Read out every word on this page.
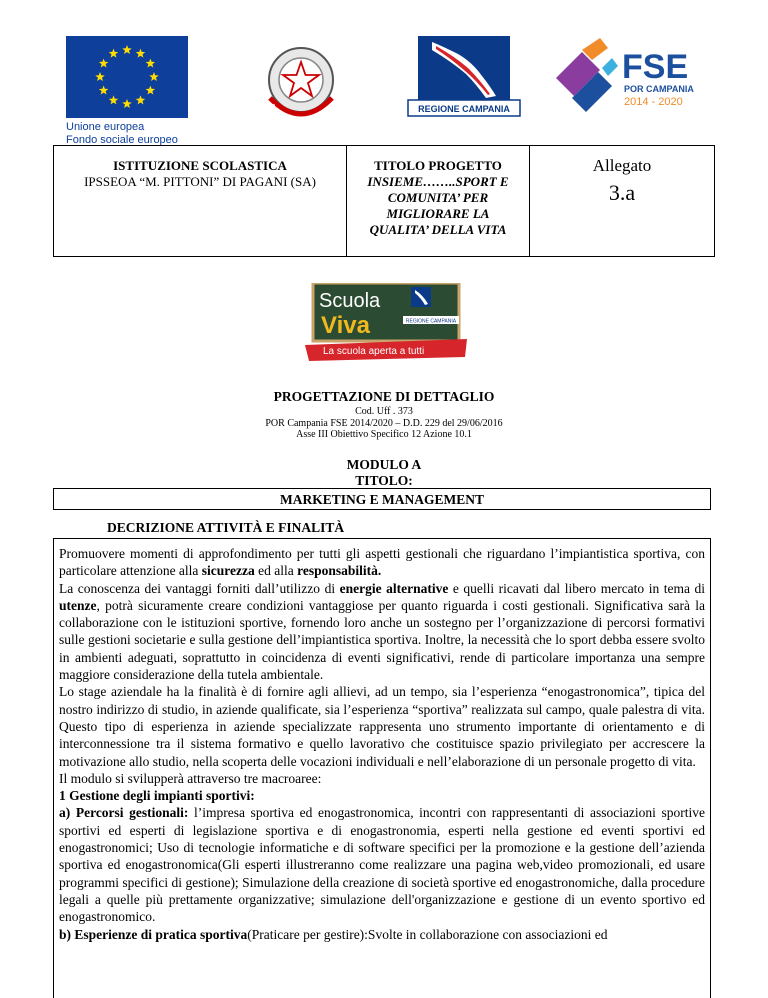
Unione europea
Fondo sociale europeo
REPVBBLICA ITALIANA
REGIONE CAMPANIA
FSE
POR CAMPANIA
2014 - 2020
ISTITUZIONE SCOLASTICA
IPSSEOA “M. PITTONI” DI PAGANI (SA)
TITOLO PROGETTO
INSIEME……..SPORT E
COMUNITA’ PER
MIGLIORARE LA
QUALITA’ DELLA VITA
Allegato
3.a
Scuola
Viva	REGIONE CAMPANIA
La scuola aperta a tutti
PROGETTAZIONE DI DETTAGLIO
Cod. Uff . 373
POR Campania FSE 2014/2020 – D.D. 229 del 29/06/2016
Asse III Obiettivo Specifico 12 Azione 10.1
MODULO A
TITOLO:
MARKETING E MANAGEMENT
DECRIZIONE ATTIVITÀ E FINALITÀ

Promuovere momenti di approfondimento per tutti gli aspetti gestionali che riguardano l’impiantistica sportiva, con particolare attenzione alla sicurezza ed alla responsabilità.

La conoscenza dei vantaggi forniti dall’utilizzo di energie alternative e quelli ricavati dal libero mercato in tema di utenze, potrà sicuramente creare condizioni vantaggiose per quanto riguarda i costi gestionali. Significativa sarà la collaborazione con le istituzioni sportive, fornendo loro anche un sostegno per l’organizzazione di percorsi formativi sulle gestioni societarie e sulla gestione dell’impiantistica sportiva. Inoltre, la necessità che lo sport debba essere svolto in ambienti adeguati, soprattutto in coincidenza di eventi significativi, rende di particolare importanza una sempre maggiore considerazione della tutela ambientale.

Lo stage aziendale ha la finalità è di fornire agli allievi, ad un tempo, sia l’esperienza “enogastronomica”, tipica del nostro indirizzo di studio, in aziende qualificate, sia l’esperienza “sportiva” realizzata sul campo, quale palestra di vita. Questo tipo di esperienza in aziende specializzate rappresenta uno strumento importante di orientamento e di interconnessione tra il sistema formativo e quello lavorativo che costituisce spazio privilegiato per accrescere la motivazione allo studio, nella scoperta delle vocazioni individuali e nell’elaborazione di un personale progetto di vita.

Il modulo si svilupperà attraverso tre macroaree:

1 Gestione degli impianti sportivi:

a) Percorsi gestionali: l’impresa sportiva ed enogastronomica, incontri con rappresentanti di associazioni sportive sportivi ed esperti di legislazione sportiva e di enogastronomia, esperti nella gestione ed eventi sportivi ed enogastronomici; Uso di tecnologie informatiche e di software specifici per la promozione e la gestione dell’azienda sportiva ed enogastronomica(Gli esperti illustreranno come realizzare una pagina web,video promozionali, ed usare programmi specifici di gestione); Simulazione della creazione di società sportive ed enogastronomiche, dalla procedure legali a quelle più prettamente organizzative; simulazione dell'organizzazione e gestione di un evento sportivo ed enogastronomico.

b) Esperienze di pratica sportiva(Praticare per gestire):Svolte in collaborazione con associazioni ed
